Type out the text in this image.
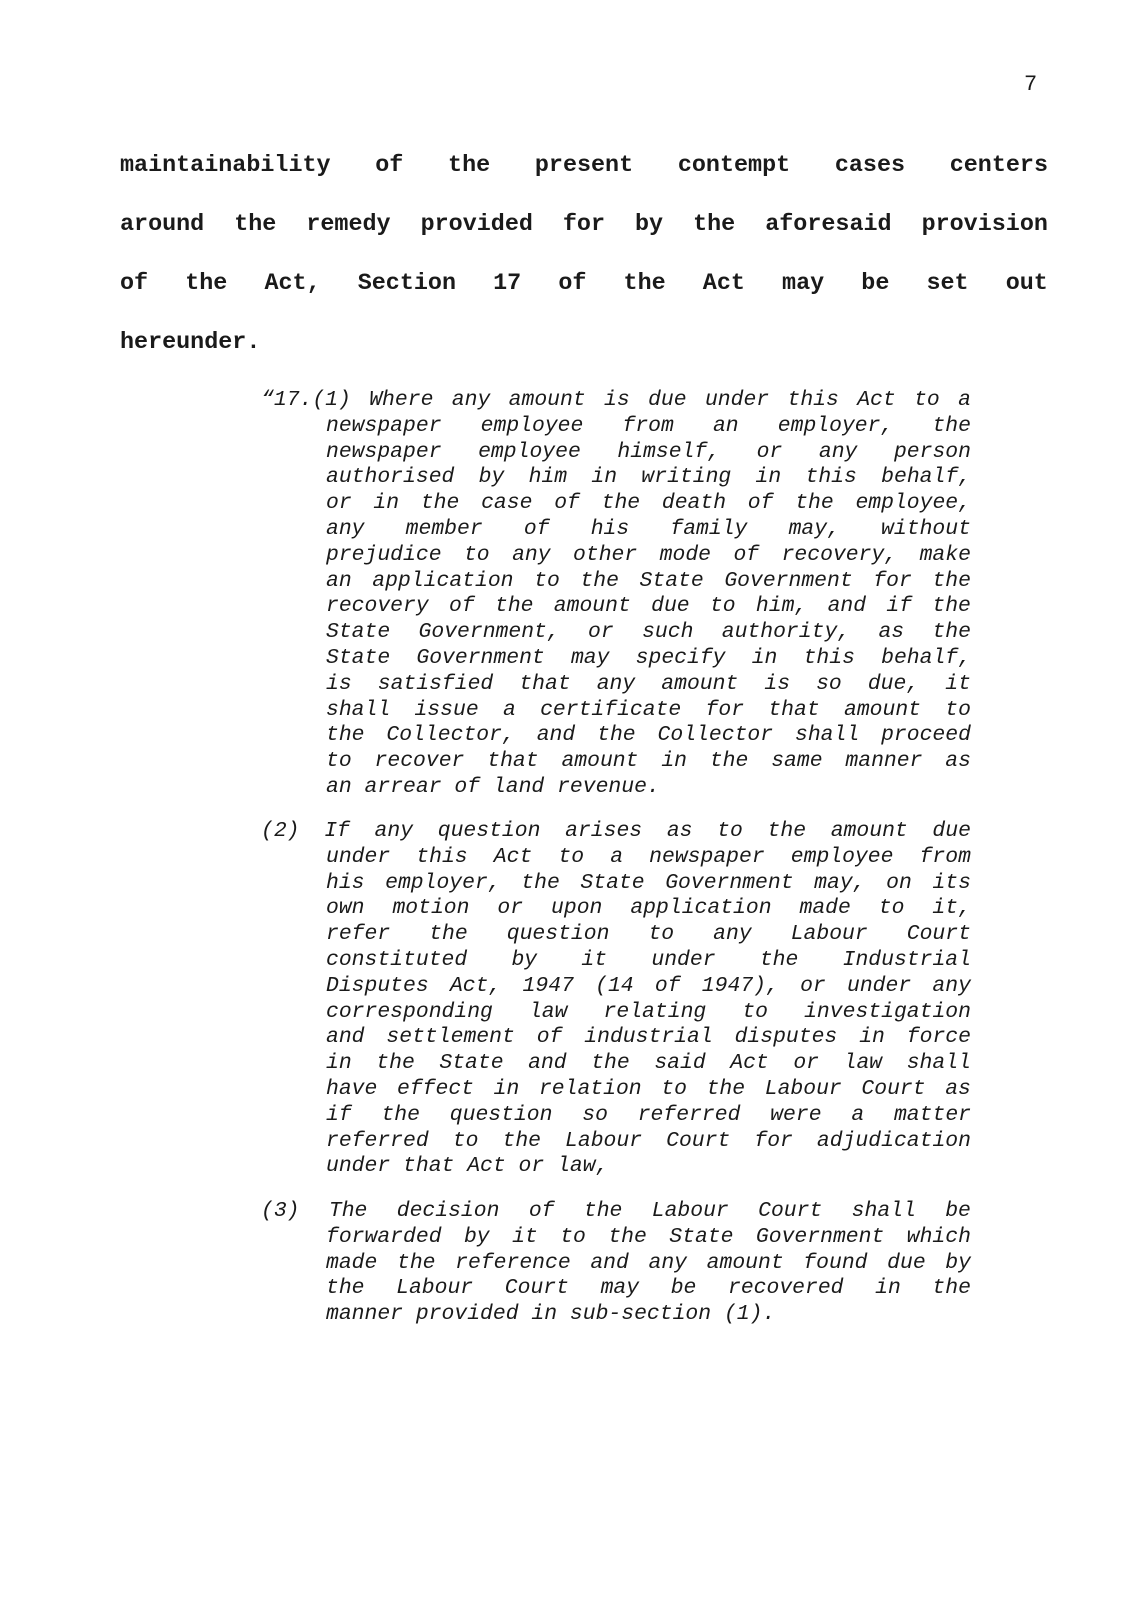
7
maintainability of the present contempt cases centers
around the remedy provided for by the aforesaid provision
of the Act, Section 17 of the Act may be set out
hereunder.
“17.(1) Where any amount is due under this Act to a
newspaper employee from an employer, the
newspaper employee himself, or any person
authorised by him in writing in this behalf,
or in the case of the death of the employee,
any member of his family may, without
prejudice to any other mode of recovery, make
an application to the State Government for the
recovery of the amount due to him, and if the
State Government, or such authority, as the
State Government may specify in this behalf,
is satisfied that any amount is so due, it
shall issue a certificate for that amount to
the Collector, and the Collector shall proceed
to recover that amount in the same manner as
an arrear of land revenue.
(2) If any question arises as to the amount due
under this Act to a newspaper employee from
his employer, the State Government may, on its
own motion or upon application made to it,
refer the question to any Labour Court
constituted by it under the Industrial
Disputes Act, 1947 (14 of 1947), or under any
corresponding law relating to investigation
and settlement of industrial disputes in force
in the State and the said Act or law shall
have effect in relation to the Labour Court as
if the question so referred were a matter
referred to the Labour Court for adjudication
under that Act or law,
(3) The decision of the Labour Court shall be
forwarded by it to the State Government which
made the reference and any amount found due by
the Labour Court may be recovered in the
manner provided in sub-section (1).
